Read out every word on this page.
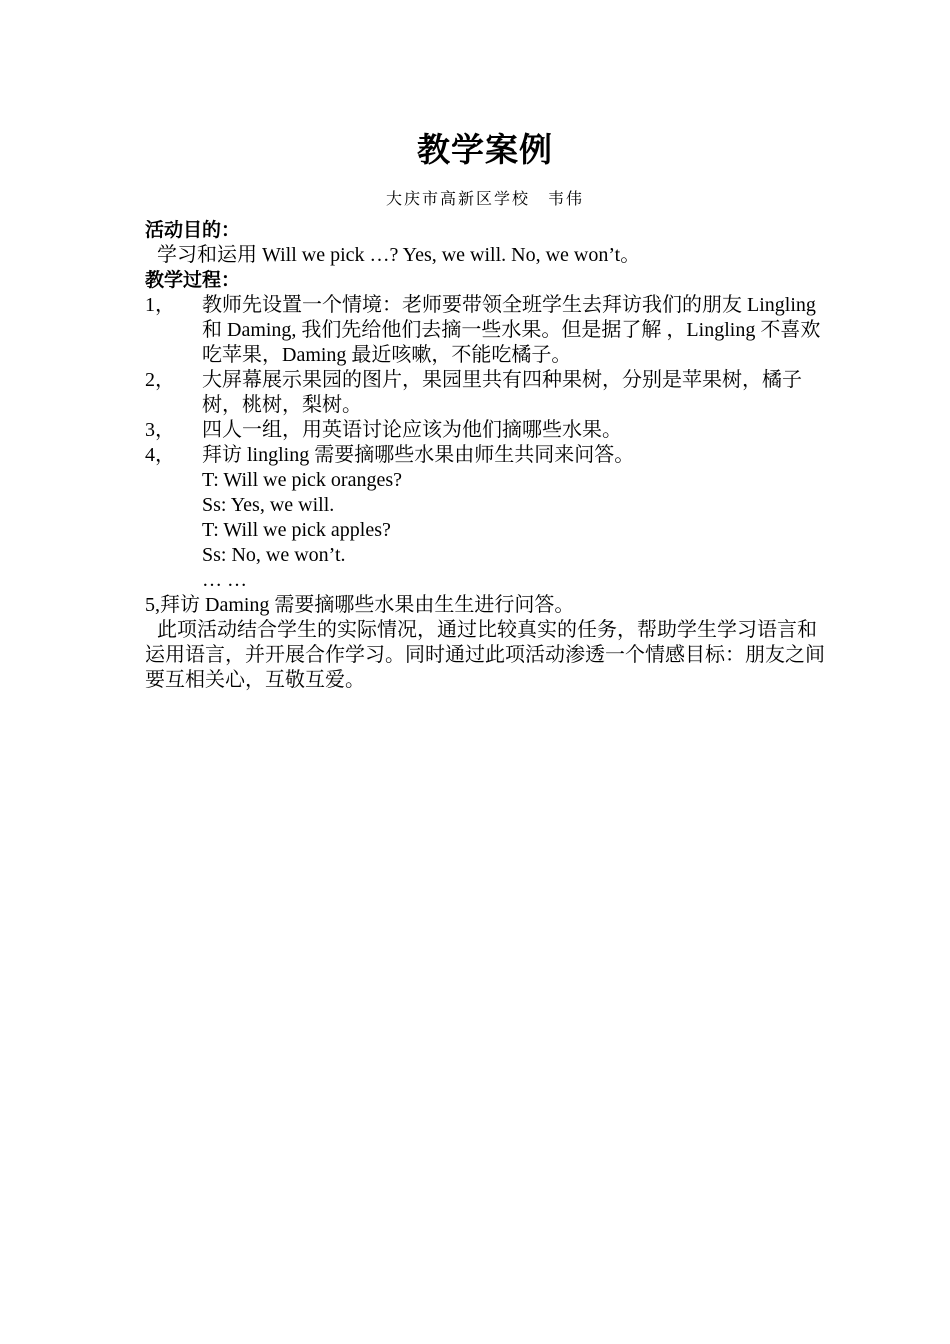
教学案例
大庆市高新区学校　韦伟
活动目的：
学习和运用 Will we pick …? Yes, we will. No, we won’t。
教学过程：
1，	教师先设置一个情境：老师要带领全班学生去拜访我们的朋友 Lingling 和 Daming, 我们先给他们去摘一些水果。但是据了解 ，Lingling 不喜欢吃苹果，Daming 最近咳嗽，不能吃橘子。
2，	大屏幕展示果园的图片，果园里共有四种果树，分别是苹果树，橘子树，桃树，梨树。
3，	四人一组，用英语讨论应该为他们摘哪些水果。
4，	拜访 lingling 需要摘哪些水果由师生共同来问答。
T: Will we pick oranges?
Ss: Yes, we will.
T: Will we pick apples?
Ss: No, we won’t.
… …
5,拜访 Daming 需要摘哪些水果由生生进行问答。
此项活动结合学生的实际情况，通过比较真实的任务，帮助学生学习语言和运用语言，并开展合作学习。同时通过此项活动渗透一个情感目标：朋友之间要互相关心，互敬互爱。
